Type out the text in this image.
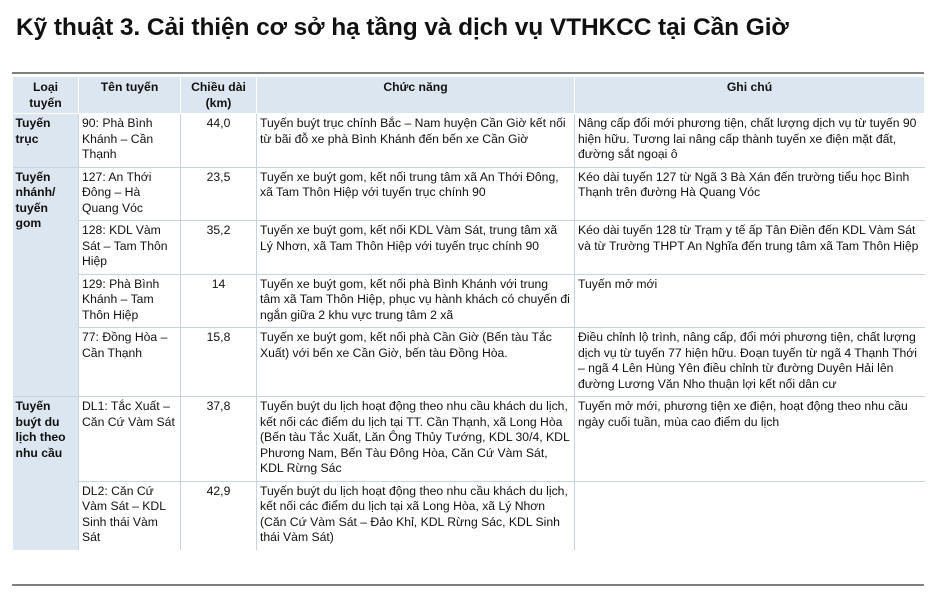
Kỹ thuật 3. Cải thiện cơ sở hạ tầng và dịch vụ VTHKCC tại Cần Giờ
Loại tuyến	Tên tuyến	Chiều dài (km)	Chức năng	Ghi chú
Tuyến trục	90: Phà Bình Khánh – Cần Thạnh	44,0	Tuyến buýt trục chính Bắc – Nam huyện Cần Giờ kết nối từ bãi đỗ xe phà Bình Khánh đến bến xe Cần Giờ	Nâng cấp đổi mới phương tiện, chất lượng dịch vụ từ tuyến 90 hiện hữu. Tương lai nâng cấp thành tuyến xe điện mặt đất, đường sắt ngoại ô
Tuyến nhánh/ tuyến gom	127: An Thới Đông – Hà Quang Vóc	23,5	Tuyến xe buýt gom, kết nối trung tâm xã An Thới Đông, xã Tam Thôn Hiệp với tuyến trục chính 90	Kéo dài tuyến 127 từ Ngã 3 Bà Xán đến trường tiểu học Bình Thạnh trên đường Hà Quang Vóc
	128: KDL Vàm Sát – Tam Thôn Hiệp	35,2	Tuyến xe buýt gom, kết nối KDL Vàm Sát, trung tâm xã Lý Nhơn, xã Tam Thôn Hiệp với tuyến trục chính 90	Kéo dài tuyến 128 từ Trạm y tế ấp Tân Điền đến KDL Vàm Sát và từ Trường THPT An Nghĩa đến trung tâm xã Tam Thôn Hiệp
	129: Phà Bình Khánh – Tam Thôn Hiệp	14	Tuyến xe buýt gom, kết nối phà Bình Khánh với trung tâm xã Tam Thôn Hiệp, phục vụ hành khách có chuyến đi ngắn giữa 2 khu vực trung tâm 2 xã	Tuyến mở mới
	77: Đồng Hòa – Cần Thạnh	15,8	Tuyến xe buýt gom, kết nối phà Cần Giờ (Bến tàu Tắc Xuất) với bến xe Cần Giờ, bến tàu Đồng Hòa.	Điều chỉnh lộ trình, nâng cấp, đổi mới phương tiện, chất lượng dịch vụ từ tuyến 77 hiện hữu. Đoạn tuyến từ ngã 4 Thạnh Thới – ngã 4 Lên Hùng Yên điều chỉnh từ đường Duyên Hải lên đường Lương Văn Nho thuận lợi kết nối dân cư
Tuyến buýt du lịch theo nhu cầu	DL1: Tắc Xuất – Căn Cứ Vàm Sát	37,8	Tuyến buýt du lịch hoạt động theo nhu cầu khách du lịch, kết nối các điểm du lịch tại TT. Cần Thạnh, xã Long Hòa (Bến tàu Tắc Xuất, Lăn Ông Thủy Tướng, KDL 30/4, KDL Phương Nam, Bến Tàu Đông Hòa, Căn Cứ Vàm Sát, KDL Rừng Sác	Tuyến mở mới, phương tiện xe điện, hoạt động theo nhu cầu ngày cuối tuần, mùa cao điểm du lịch
	DL2: Căn Cứ Vàm Sát – KDL Sinh thái Vàm Sát	42,9	Tuyến buýt du lịch hoạt động theo nhu cầu khách du lịch, kết nối các điểm du lịch tại xã Long Hòa, xã Lý Nhơn (Căn Cứ Vàm Sát – Đảo Khỉ, KDL Rừng Sác, KDL Sinh thái Vàm Sát)	
